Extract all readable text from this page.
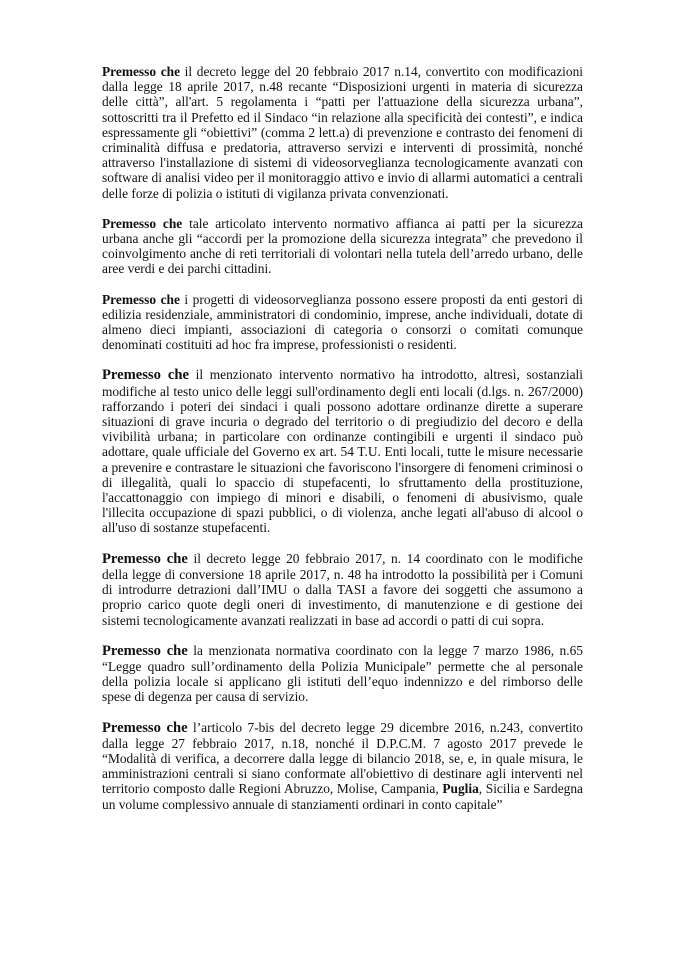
Premesso che il decreto legge del 20 febbraio 2017 n.14, convertito con modificazioni dalla legge 18 aprile 2017, n.48 recante “Disposizioni urgenti in materia di sicurezza delle città”, all'art. 5 regolamenta i “patti per l'attuazione della sicurezza urbana”, sottoscritti tra il Prefetto ed il Sindaco “in relazione alla specificità dei contesti”, e indica espressamente gli “obiettivi” (comma 2 lett.a) di prevenzione e contrasto dei fenomeni di criminalità diffusa e predatoria, attraverso servizi e interventi di prossimità, nonché attraverso l'installazione di sistemi di videosorveglianza tecnologicamente avanzati con software di analisi video per il monitoraggio attivo e invio di allarmi automatici a centrali delle forze di polizia o istituti di vigilanza privata convenzionati.

Premesso che tale articolato intervento normativo affianca ai patti per la sicurezza urbana anche gli “accordi per la promozione della sicurezza integrata” che prevedono il coinvolgimento anche di reti territoriali di volontari nella tutela dell’arredo urbano, delle aree verdi e dei parchi cittadini.

Premesso che i progetti di videosorveglianza possono essere proposti da enti gestori di edilizia residenziale, amministratori di condominio, imprese, anche individuali, dotate di almeno dieci impianti, associazioni di categoria o consorzi o comitati comunque denominati costituiti ad hoc fra imprese, professionisti o residenti.

Premesso che il menzionato intervento normativo ha introdotto, altresì, sostanziali modifiche al testo unico delle leggi sull'ordinamento degli enti locali (d.lgs. n. 267/2000) rafforzando i poteri dei sindaci i quali possono adottare ordinanze dirette a superare situazioni di grave incuria o degrado del territorio o di pregiudizio del decoro e della vivibilità urbana; in particolare con ordinanze contingibili e urgenti il sindaco può adottare, quale ufficiale del Governo ex art. 54 T.U. Enti locali, tutte le misure necessarie a prevenire e contrastare le situazioni che favoriscono l'insorgere di fenomeni criminosi o di illegalità, quali lo spaccio di stupefacenti, lo sfruttamento della prostituzione, l'accattonaggio con impiego di minori e disabili, o fenomeni di abusivismo, quale l'illecita occupazione di spazi pubblici, o di violenza, anche legati all'abuso di alcool o all'uso di sostanze stupefacenti.

Premesso che il decreto legge 20 febbraio 2017, n. 14 coordinato con le modifiche della legge di conversione 18 aprile 2017, n. 48 ha introdotto la possibilità per i Comuni di introdurre detrazioni dall’IMU o dalla TASI a favore dei soggetti che assumono a proprio carico quote degli oneri di investimento, di manutenzione e di gestione dei sistemi tecnologicamente avanzati realizzati in base ad accordi o patti di cui sopra.

Premesso che la menzionata normativa coordinato con la legge 7 marzo 1986, n.65 “Legge quadro sull’ordinamento della Polizia Municipale” permette che al personale della polizia locale si applicano gli istituti dell’equo indennizzo e del rimborso delle spese di degenza per causa di servizio.

Premesso che l’articolo 7-bis del decreto legge 29 dicembre 2016, n.243, convertito dalla legge 27 febbraio 2017, n.18, nonché il D.P.C.M. 7 agosto 2017 prevede le “Modalità di verifica, a decorrere dalla legge di bilancio 2018, se, e, in quale misura, le amministrazioni centrali si siano conformate all'obiettivo di destinare agli interventi nel territorio composto dalle Regioni Abruzzo, Molise, Campania, Puglia, Sicilia e Sardegna un volume complessivo annuale di stanziamenti ordinari in conto capitale”
